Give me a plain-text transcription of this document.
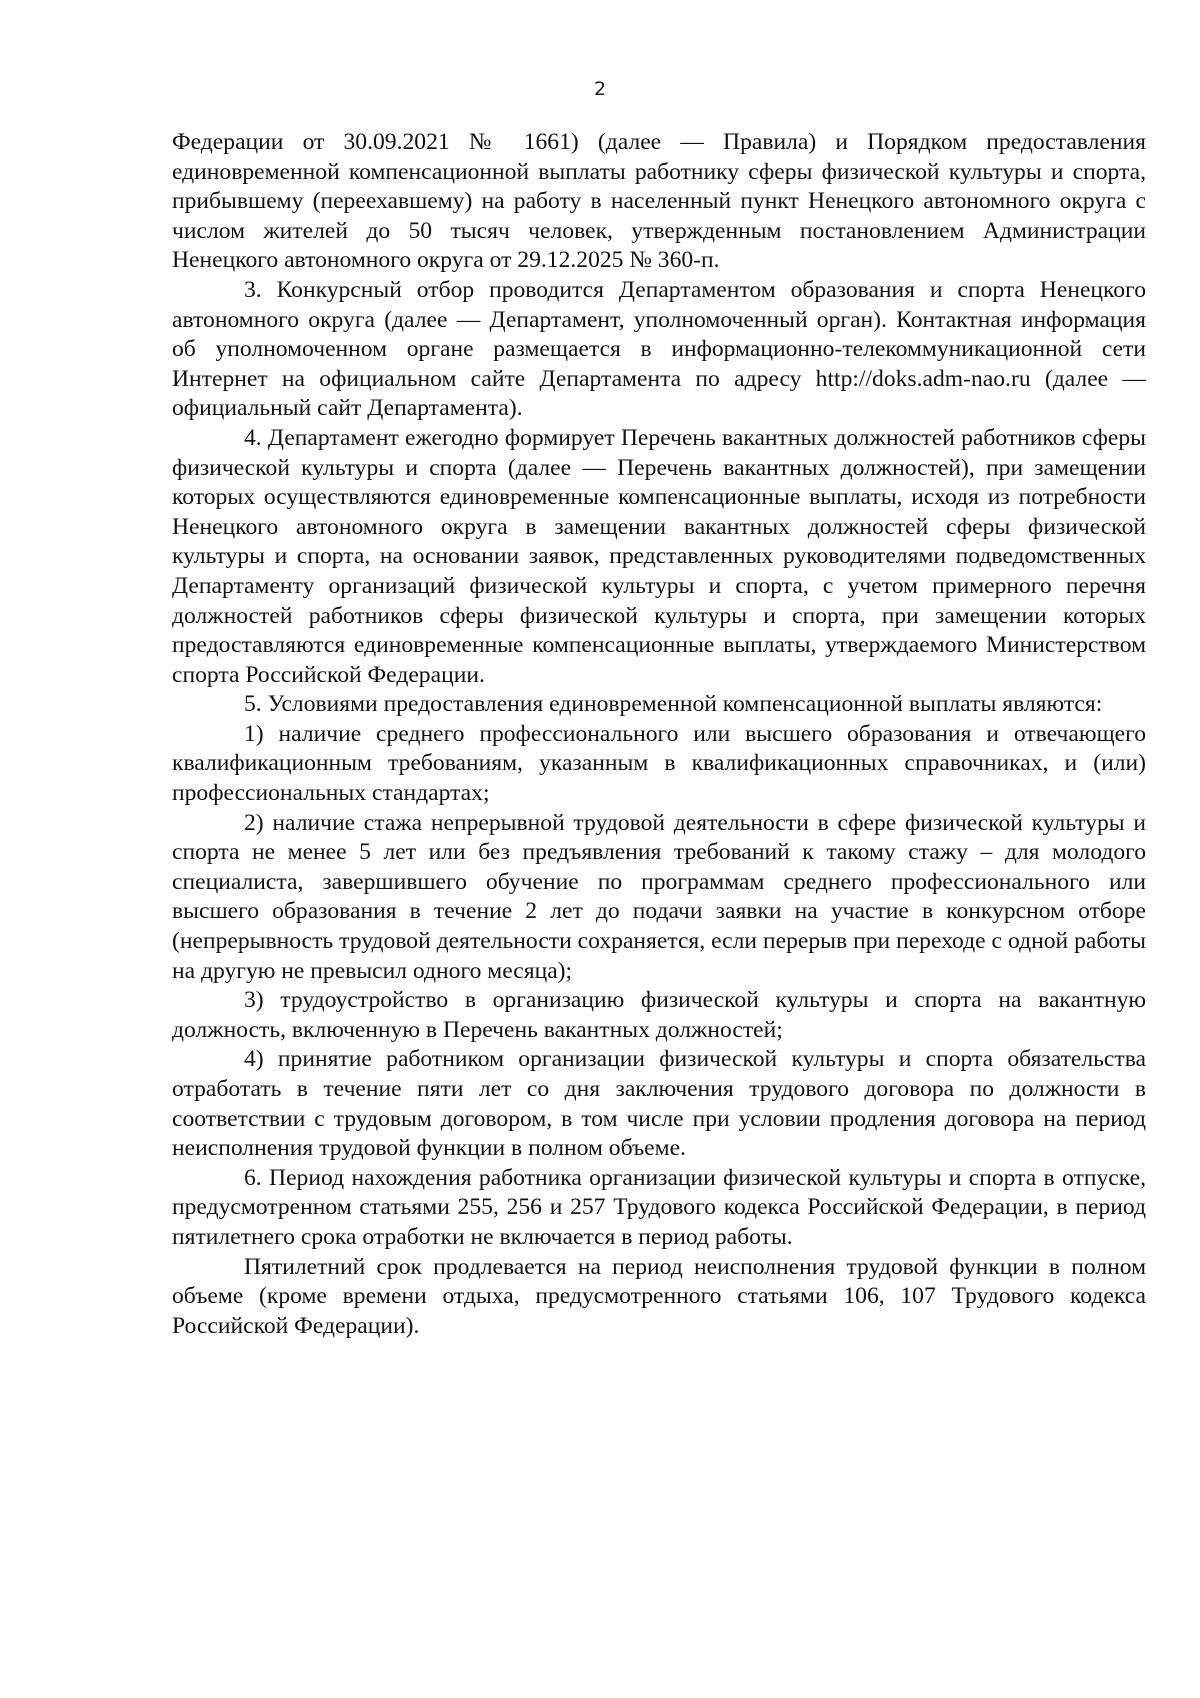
2

Федерации от 30.09.2021 № 1661) (далее — Правила) и Порядком предоставления единовременной компенсационной выплаты работнику сферы физической культуры и спорта, прибывшему (переехавшему) на работу в населенный пункт Ненецкого автономного округа с числом жителей до 50 тысяч человек, утвержденным постановлением Администрации Ненецкого автономного округа от 29.12.2025 № 360-п.

3. Конкурсный отбор проводится Департаментом образования и спорта Ненецкого автономного округа (далее — Департамент, уполномоченный орган). Контактная информация об уполномоченном органе размещается в информационно-телекоммуникационной сети Интернет на официальном сайте Департамента по адресу http://doks.adm-nao.ru (далее — официальный сайт Департамента).

4. Департамент ежегодно формирует Перечень вакантных должностей работников сферы физической культуры и спорта (далее — Перечень вакантных должностей), при замещении которых осуществляются единовременные компенсационные выплаты, исходя из потребности Ненецкого автономного округа в замещении вакантных должностей сферы физической культуры и спорта, на основании заявок, представленных руководителями подведомственных Департаменту организаций физической культуры и спорта, с учетом примерного перечня должностей работников сферы физической культуры и спорта, при замещении которых предоставляются единовременные компенсационные выплаты, утверждаемого Министерством спорта Российской Федерации.

5. Условиями предоставления единовременной компенсационной выплаты являются:

1) наличие среднего профессионального или высшего образования и отвечающего квалификационным требованиям, указанным в квалификационных справочниках, и (или) профессиональных стандартах;

2) наличие стажа непрерывной трудовой деятельности в сфере физической культуры и спорта не менее 5 лет или без предъявления требований к такому стажу – для молодого специалиста, завершившего обучение по программам среднего профессионального или высшего образования в течение 2 лет до подачи заявки на участие в конкурсном отборе (непрерывность трудовой деятельности сохраняется, если перерыв при переходе с одной работы на другую не превысил одного месяца);

3) трудоустройство в организацию физической культуры и спорта на вакантную должность, включенную в Перечень вакантных должностей;

4) принятие работником организации физической культуры и спорта обязательства отработать в течение пяти лет со дня заключения трудового договора по должности в соответствии с трудовым договором, в том числе при условии продления договора на период неисполнения трудовой функции в полном объеме.

6. Период нахождения работника организации физической культуры и спорта в отпуске, предусмотренном статьями 255, 256 и 257 Трудового кодекса Российской Федерации, в период пятилетнего срока отработки не включается в период работы.

Пятилетний срок продлевается на период неисполнения трудовой функции в полном объеме (кроме времени отдыха, предусмотренного статьями 106, 107 Трудового кодекса Российской Федерации).
